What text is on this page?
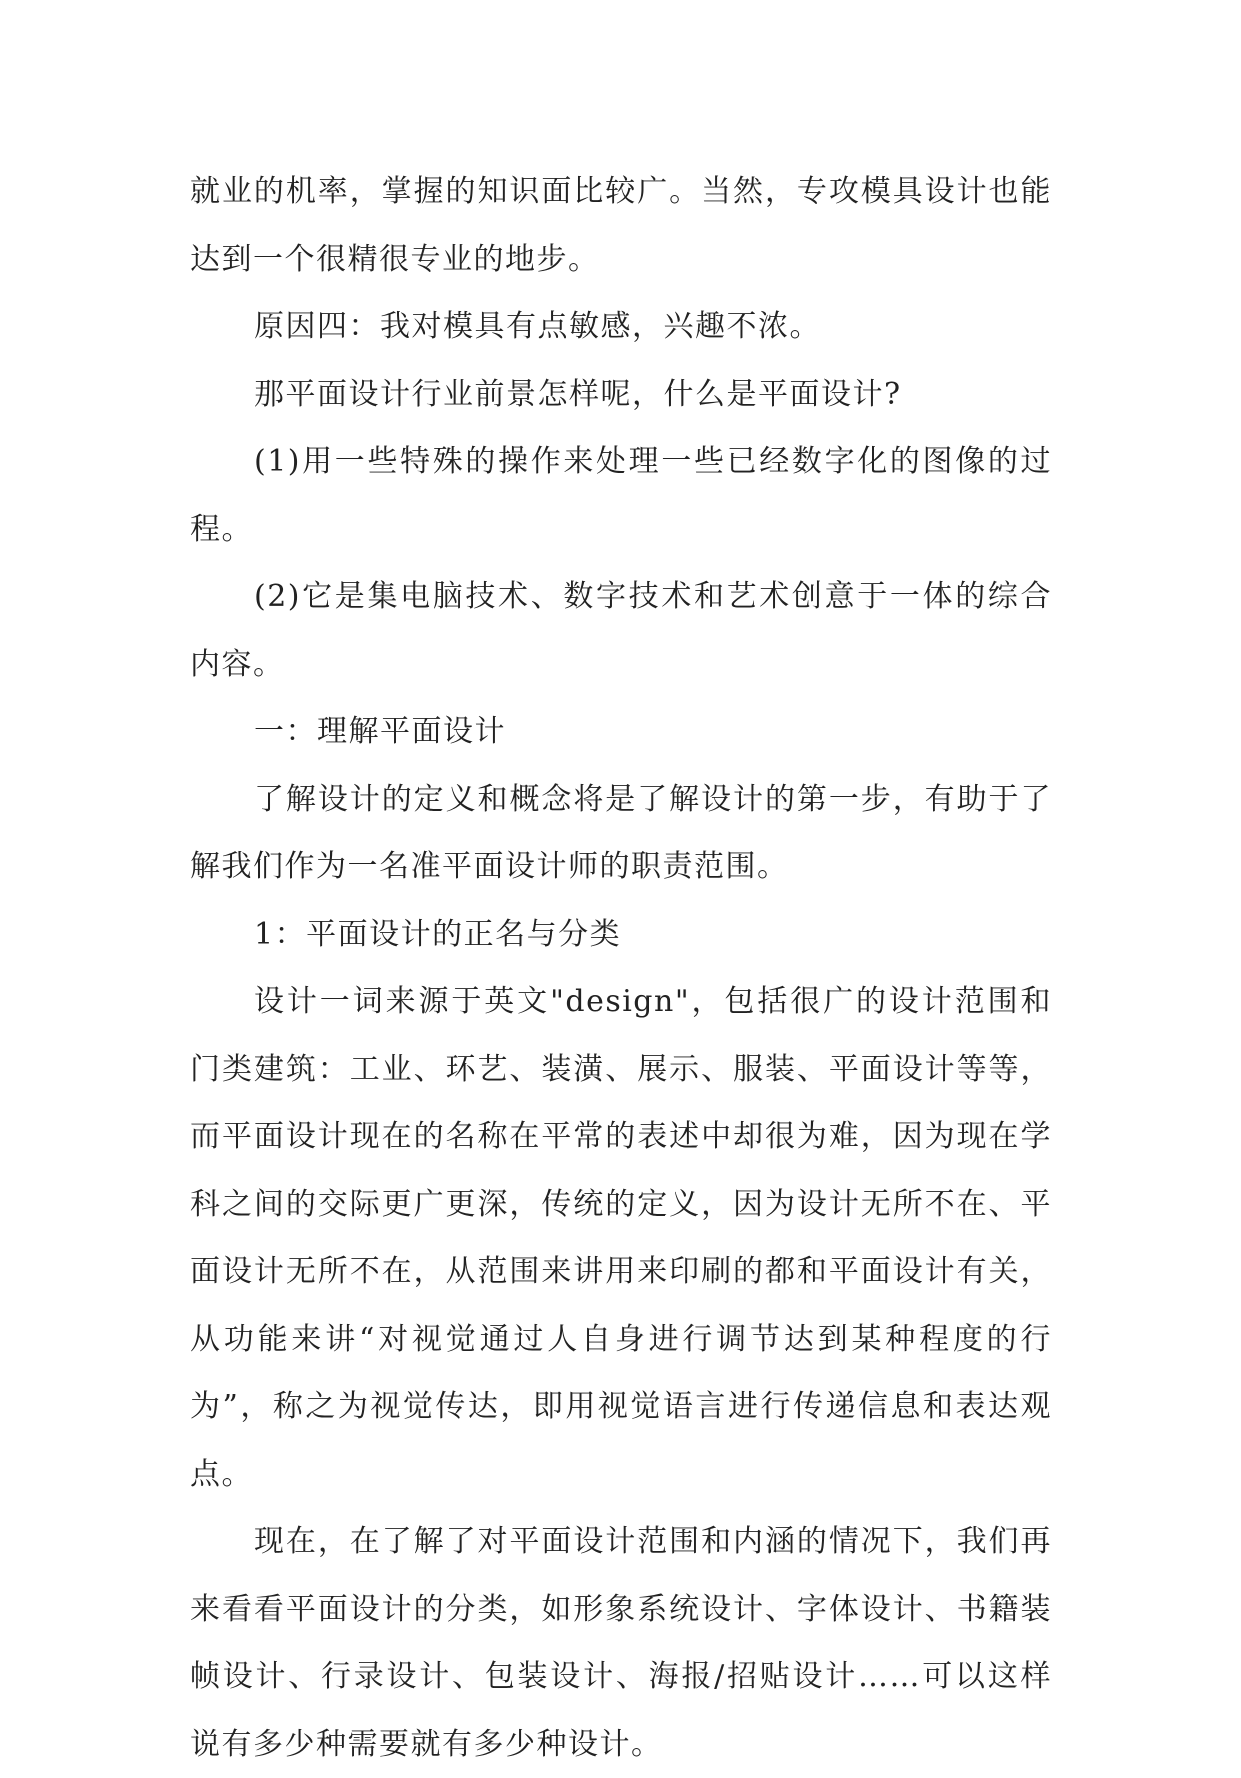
就业的机率，掌握的知识面比较广。当然，专攻模具设计也能达到一个很精很专业的地步。

原因四：我对模具有点敏感，兴趣不浓。

那平面设计行业前景怎样呢，什么是平面设计?

(1)用一些特殊的操作来处理一些已经数字化的图像的过程。

(2)它是集电脑技术、数字技术和艺术创意于一体的综合内容。

一：理解平面设计

了解设计的定义和概念将是了解设计的第一步，有助于了解我们作为一名准平面设计师的职责范围。

1：平面设计的正名与分类

设计一词来源于英文"design"，包括很广的设计范围和门类建筑：工业、环艺、装潢、展示、服装、平面设计等等，而平面设计现在的名称在平常的表述中却很为难，因为现在学科之间的交际更广更深，传统的定义，因为设计无所不在、平面设计无所不在，从范围来讲用来印刷的都和平面设计有关，从功能来讲“对视觉通过人自身进行调节达到某种程度的行为”，称之为视觉传达，即用视觉语言进行传递信息和表达观点。

现在，在了解了对平面设计范围和内涵的情况下，我们再来看看平面设计的分类，如形象系统设计、字体设计、书籍装帧设计、行录设计、包装设计、海报/招贴设计……可以这样说有多少种需要就有多少种设计。
